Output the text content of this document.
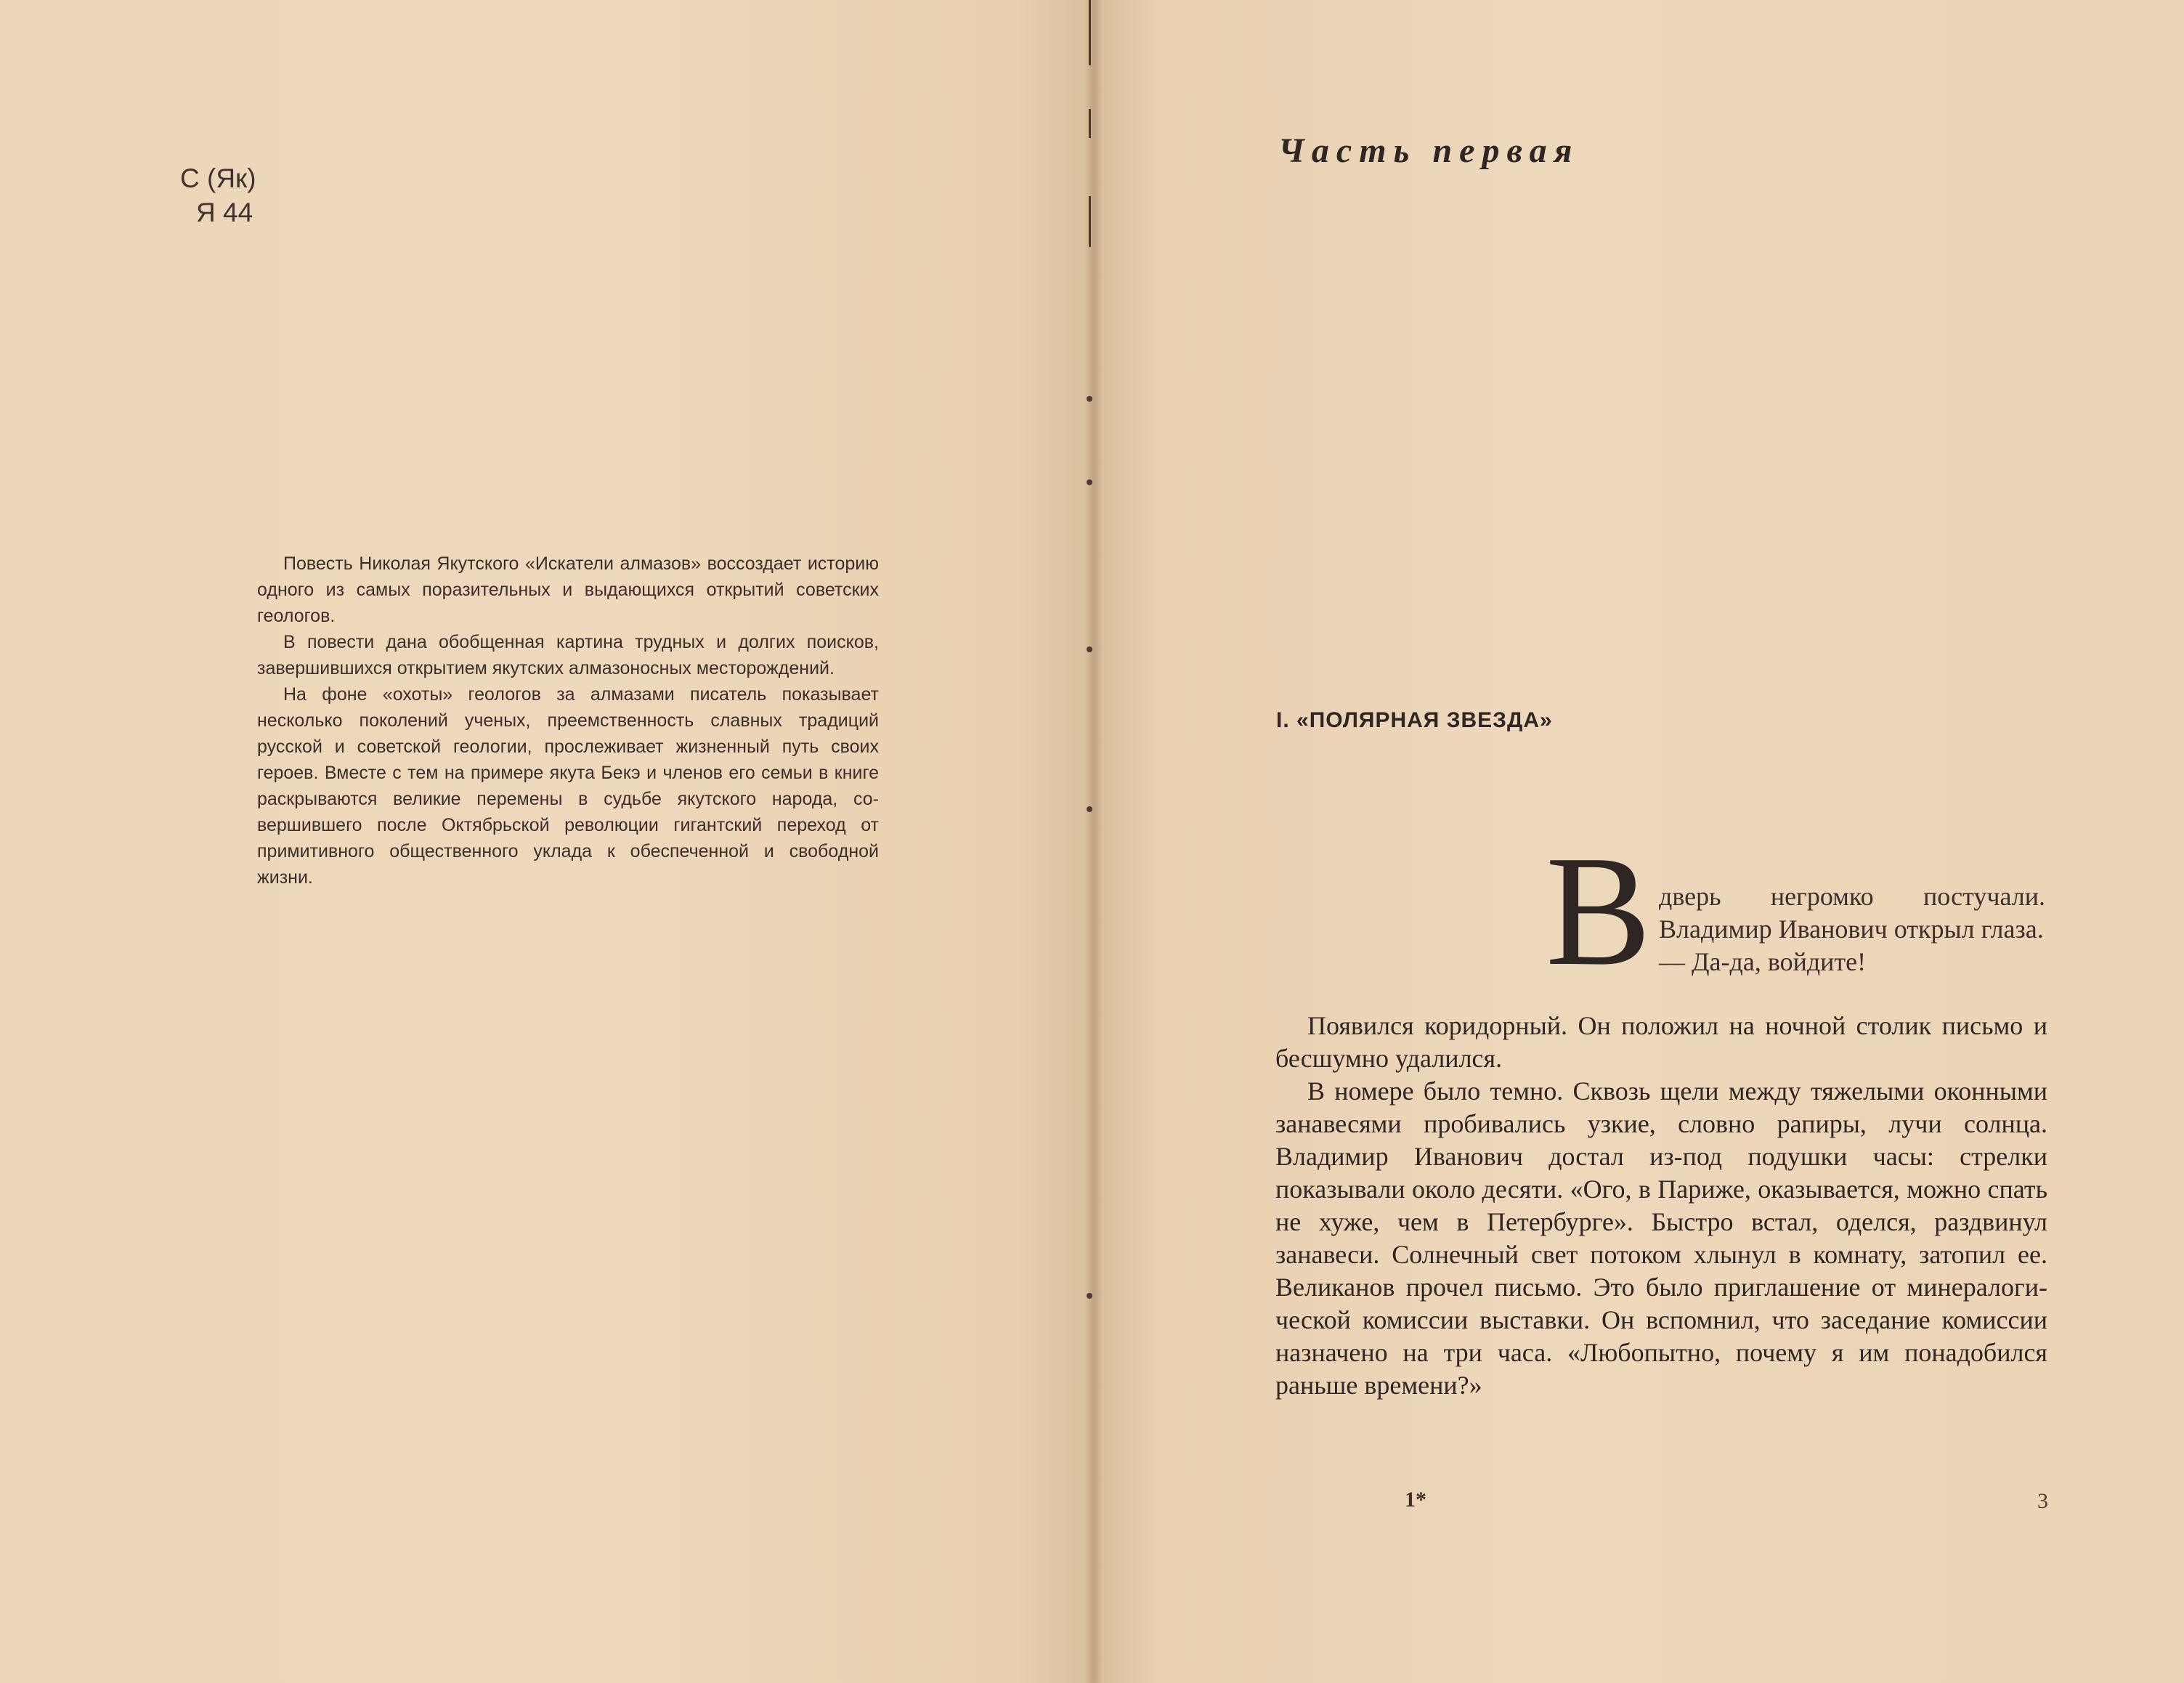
С (Як)
Я 44

Повесть Николая Якутского «Искатели алмазов» воссоздает историю одного из самых поразительных и выдающихся открытий советских геологов.

В повести дана обобщенная картина трудных и долгих поисков, завершившихся открытием якутских алмазоносных месторождений.

На фоне «охоты» геологов за алмазами писатель показывает несколько поколений ученых, преемственность славных традиций русской и советской геологии, прослеживает жизненный путь своих героев. Вместе с тем на примере якута Бекэ и членов его семьи в книге раскрываются великие перемены в судьбе якутского народа, совершившего после Октябрьской революции гигантский переход от примитивного общественного уклада к обеспеченной и свободной жизни.

Часть первая
I. «ПОЛЯРНАЯ ЗВЕЗДА»
В дверь негромко постучали. Владимир Иванович открыл глаза.

— Да-да, войдите!

Появился коридорный. Он положил на ночной столик письмо и бесшумно удалился.

В номере было темно. Сквозь щели между тяжелыми оконными занавесями пробивались узкие, словно рапиры, лучи солнца. Владимир Иванович достал из-под подушки часы: стрелки показывали около десяти. «Ого, в Париже, оказывается, можно спать не хуже, чем в Петербурге». Быстро встал, оделся, раздвинул занавеси. Солнечный свет потоком хлынул в комнату, затопил ее. Великанов прочел письмо. Это было приглашение от минералогической комиссии выставки. Он вспомнил, что заседание комиссии назначено на три часа. «Любопытно, почему я им понадобился раньше времени?»

1*	3
